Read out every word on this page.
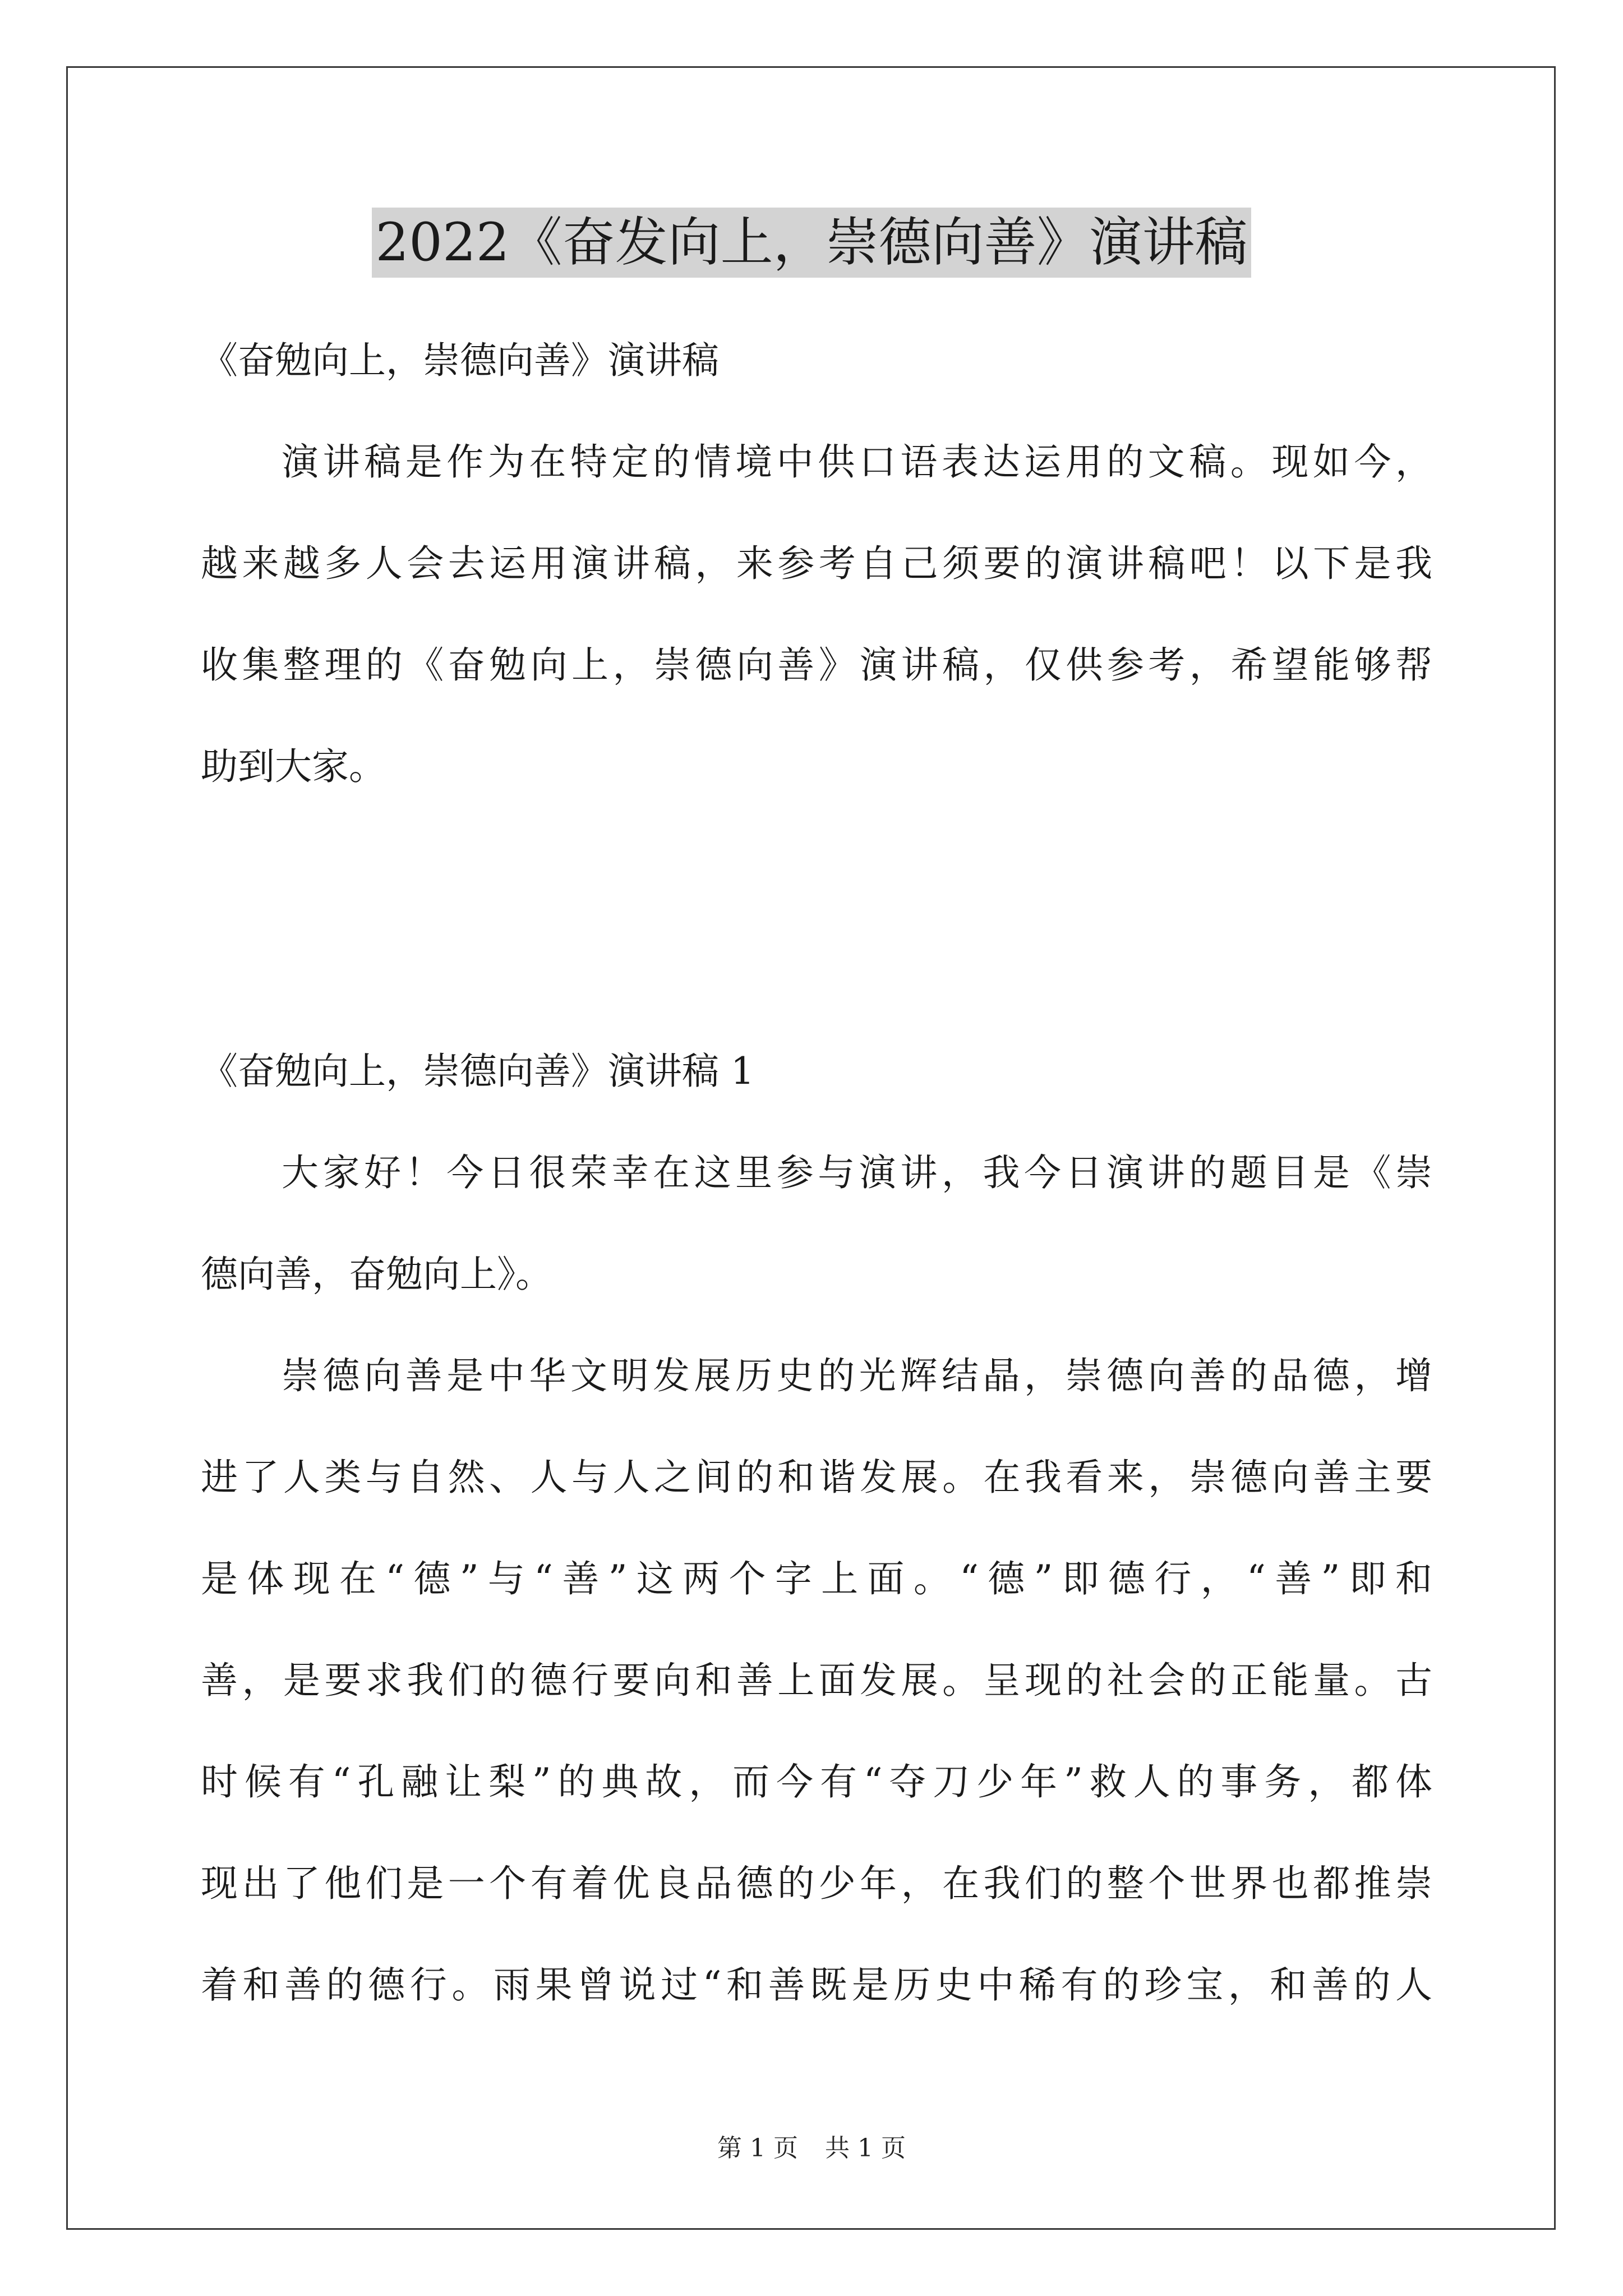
2022《奋发向上，崇德向善》演讲稿
《奋勉向上，崇德向善》演讲稿
演讲稿是作为在特定的情境中供口语表达运用的文稿。现如今，
越来越多人会去运用演讲稿，来参考自己须要的演讲稿吧！以下是我
收集整理的《奋勉向上，崇德向善》演讲稿，仅供参考，希望能够帮
助到大家。
《奋勉向上，崇德向善》演讲稿 1
大家好！今日很荣幸在这里参与演讲，我今日演讲的题目是《崇
德向善，奋勉向上》。
崇德向善是中华文明发展历史的光辉结晶，崇德向善的品德，增
进了人类与自然、人与人之间的和谐发展。在我看来，崇德向善主要
是体现在“德”与“善”这两个字上面。“德”即德行，“善”即和
善，是要求我们的德行要向和善上面发展。呈现的社会的正能量。古
时候有“孔融让梨”的典故，而今有“夺刀少年”救人的事务，都体
现出了他们是一个有着优良品德的少年，在我们的整个世界也都推崇
着和善的德行。雨果曾说过“和善既是历史中稀有的珍宝，和善的人
第 1 页 共 1 页
